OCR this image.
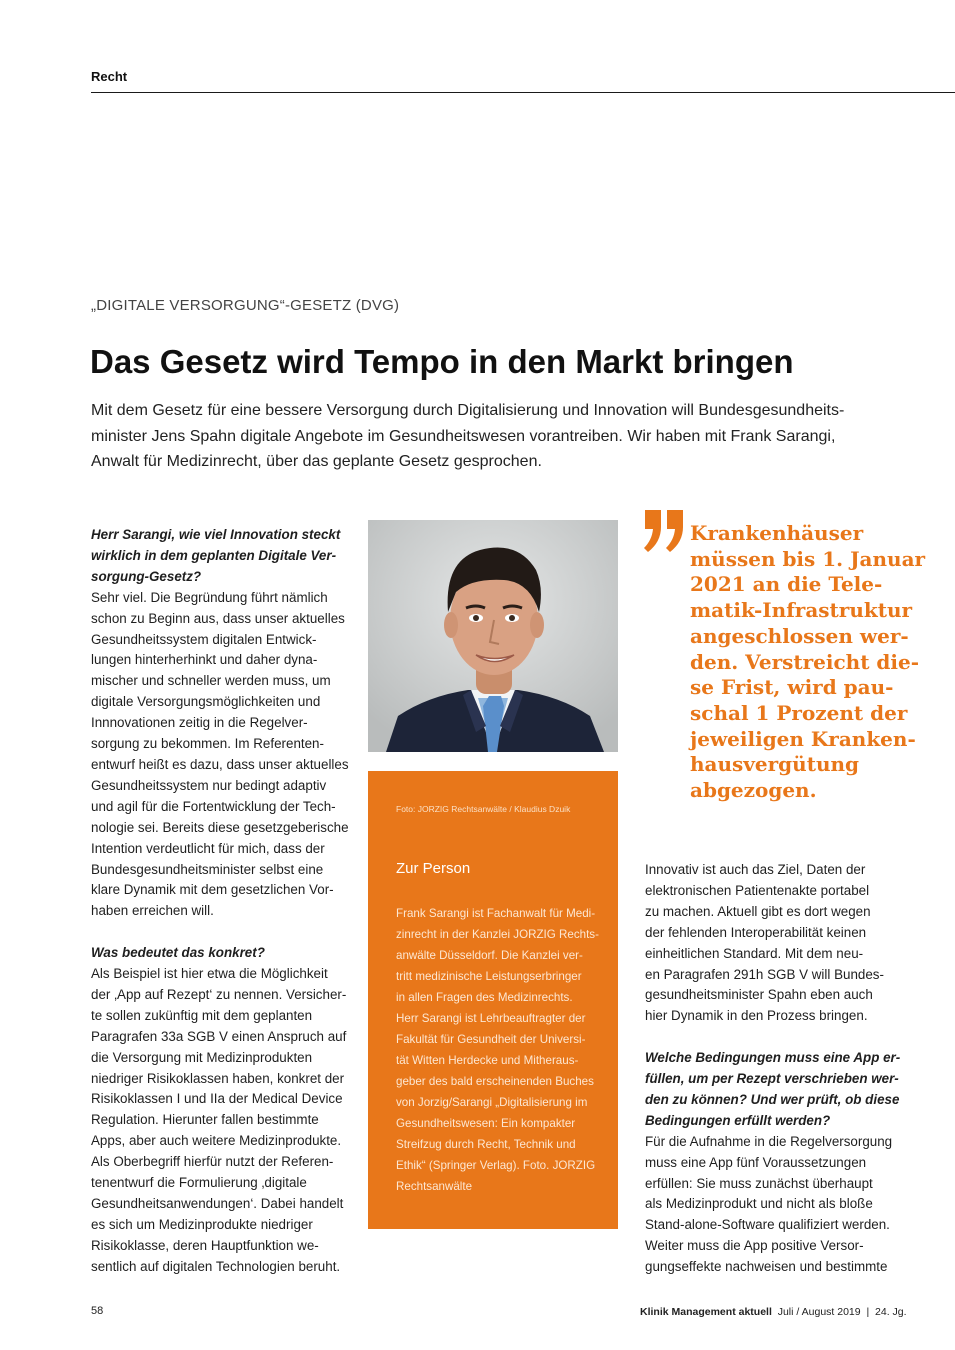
Recht
„DIGITALE VERSORGUNG“-GESETZ (DVG)
Das Gesetz wird Tempo in den Markt bringen

Mit dem Gesetz für eine bessere Versorgung durch Digitalisierung und Innovation will Bundesgesundheits-

minister Jens Spahn digitale Angebote im Gesundheitswesen vorantreiben. Wir haben mit Frank Sarangi,

Anwalt für Medizinrecht, über das geplante Gesetz gesprochen.

Herr Sarangi, wie viel Innovation steckt

wirklich in dem geplanten Digitale Ver-

sorgung-Gesetz?

Sehr viel. Die Begründung führt nämlich

schon zu Beginn aus, dass unser aktuelles

Gesundheitssystem digitalen Entwick-

lungen hinterherhinkt und daher dyna-

mischer und schneller werden muss, um

digitale Versorgungsmöglichkeiten und

Innnovationen zeitig in die Regelver-

sorgung zu bekommen. Im Referenten-

entwurf heißt es dazu, dass unser aktuelles

Gesundheitssystem nur bedingt adaptiv

und agil für die Fortentwicklung der Tech-

nologie sei. Bereits diese gesetzgeberische

Intention verdeutlicht für mich, dass der

Bundesgesundheitsminister selbst eine

klare Dynamik mit dem gesetzlichen Vor-

haben erreichen will.

Was bedeutet das konkret?

Als Beispiel ist hier etwa die Möglichkeit

der ‚App auf Rezept‘ zu nennen. Versicher-

te sollen zukünftig mit dem geplanten

Paragrafen 33a SGB V einen Anspruch auf

die Versorgung mit Medizinprodukten

niedriger Risikoklassen haben, konkret der

Risikoklassen I und IIa der Medical Device

Regulation. Hierunter fallen bestimmte

Apps, aber auch weitere Medizinprodukte.

Als Oberbegriff hierfür nutzt der Referen-

tenentwurf die Formulierung ‚digitale

Gesundheitsanwendungen‘. Dabei handelt

es sich um Medizinprodukte niedriger

Risikoklasse, deren Hauptfunktion we-

sentlich auf digitalen Technologien beruht.

Foto: JORZIG Rechtsanwälte / Klaudius Dzuik
Zur Person

Frank Sarangi ist Fachanwalt für Medi-

zinrecht in der Kanzlei JORZIG Rechts-

anwälte Düsseldorf. Die Kanzlei ver-

tritt medizinische Leistungserbringer

in allen Fragen des Medizinrechts.

Herr Sarangi ist Lehrbeauftragter der

Fakultät für Gesundheit der Universi-

tät Witten Herdecke und Mitheraus-

geber des bald erscheinenden Buches

von Jorzig/Sarangi „Digitalisierung im

Gesundheitswesen: Ein kompakter

Streifzug durch Recht, Technik und

Ethik“ (Springer Verlag). Foto. JORZIG

Rechtsanwälte

Krankenhäuser

müssen bis 1. Januar

2021 an die Tele-

matik-Infrastruktur

angeschlossen wer-

den. Verstreicht die-

se Frist, wird pau-

schal 1 Prozent der

jeweiligen Kranken-

hausvergütung

abgezogen.

Innovativ ist auch das Ziel, Daten der

elektronischen Patientenakte portabel

zu machen. Aktuell gibt es dort wegen

der fehlenden Interoperabilität keinen

einheitlichen Standard. Mit dem neu-

en Paragrafen 291h SGB V will Bundes-

gesundheitsminister Spahn eben auch

hier Dynamik in den Prozess bringen.

Welche Bedingungen muss eine App er-

füllen, um per Rezept verschrieben wer-

den zu können? Und wer prüft, ob diese

Bedingungen erfüllt werden?

Für die Aufnahme in die Regelversorgung

muss eine App fünf Voraussetzungen

erfüllen: Sie muss zunächst überhaupt

als Medizinprodukt und nicht als bloße

Stand-alone-Software qualifiziert werden.

Weiter muss die App positive Versor-

gungseffekte nachweisen und bestimmte

58	Klinik Management aktuell Juli / August 2019 | 24. Jg.
